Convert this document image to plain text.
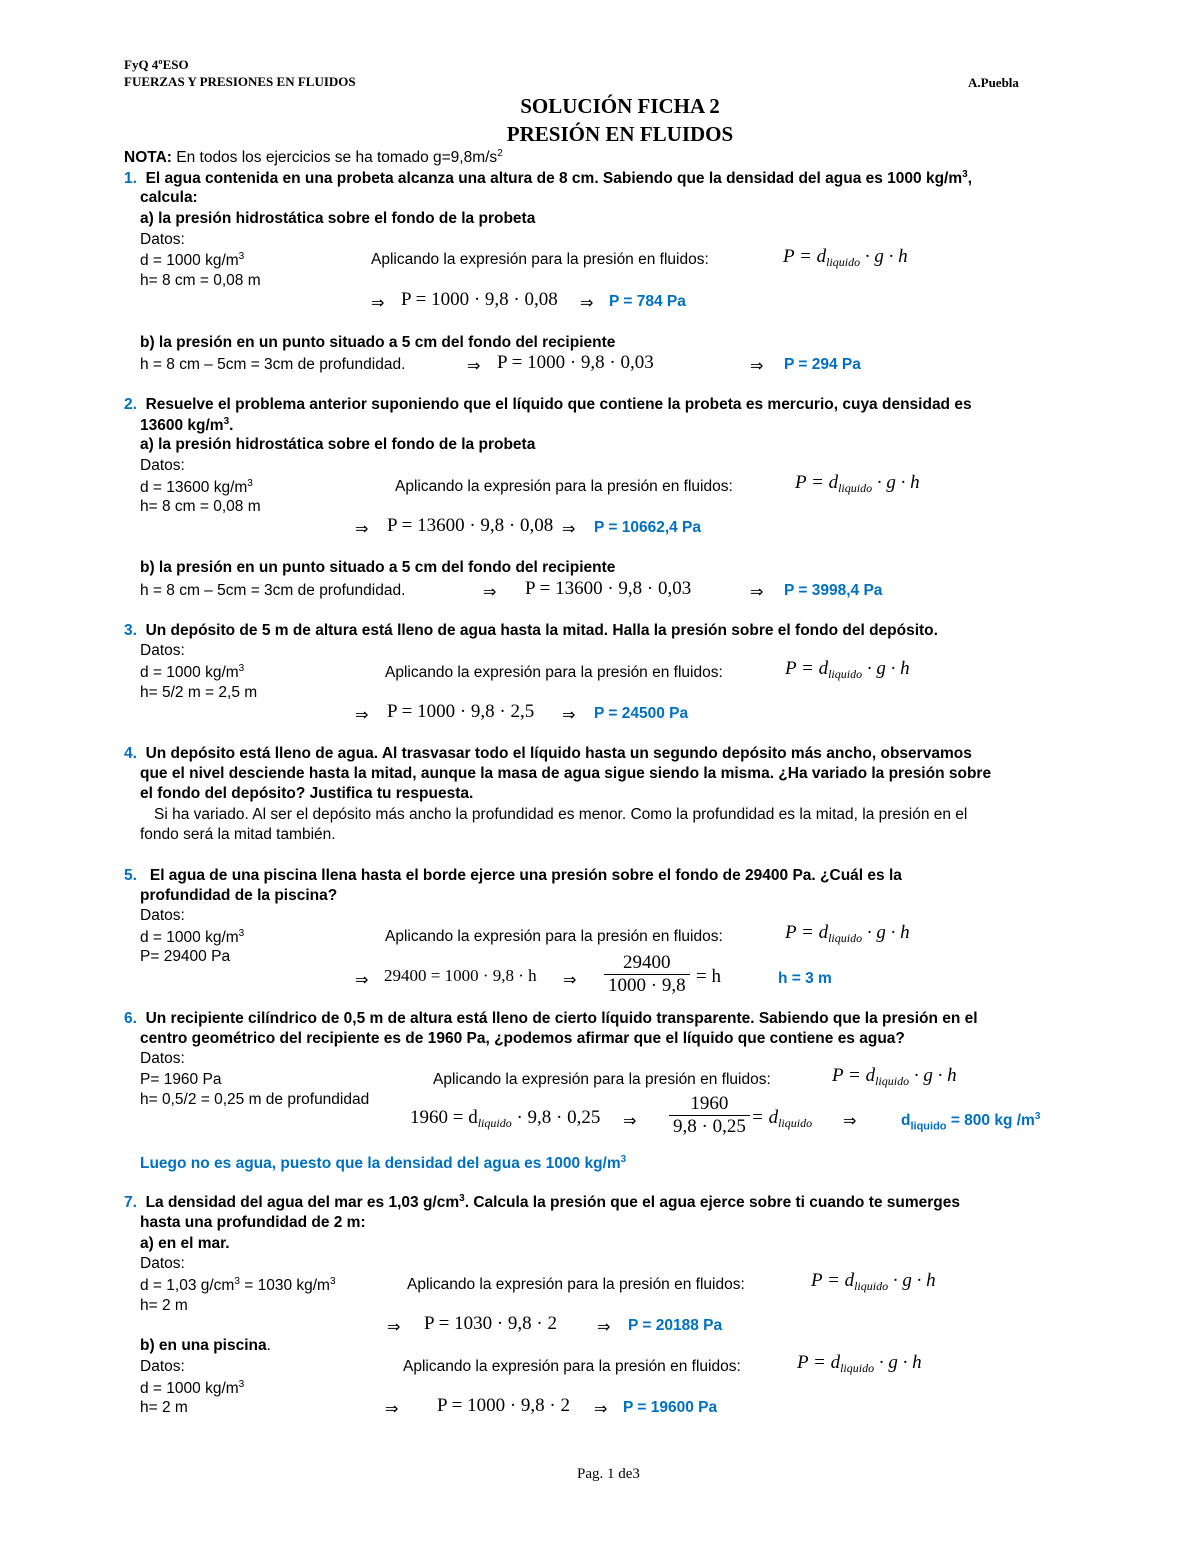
FyQ 4ºESO
FUERZAS Y PRESIONES EN FLUIDOS	A.Puebla
SOLUCIÓN FICHA 2
PRESIÓN EN FLUIDOS
NOTA: En todos los ejercicios se ha tomado $g=9,8m/s^2$
1. El agua contenida en una probeta alcanza una altura de 8 cm. Sabiendo que la densidad del agua es 1000 $kg/m^3$,
calcula:
a) la presión hidrostática sobre el fondo de la probeta
Datos:
d = 1000 $kg/m^3$
h= 8 cm = 0,08 m
Aplicando la expresión para la presión en fluidos:	$P = d_{liquido} \cdot g \cdot h$
⇒ P = 1000 · 9,8 · 0,08 ⇒ P = 784 Pa
b) la presión en un punto situado a 5 cm del fondo del recipiente
h = 8 cm – 5cm = 3cm de profundidad.	⇒ P = 1000 · 9,8 · 0,03	⇒ P = 294 Pa
2. Resuelve el problema anterior suponiendo que el líquido que contiene la probeta es mercurio, cuya densidad es
13600 $kg/m^3$.
a) la presión hidrostática sobre el fondo de la probeta
Datos:
d = 13600 $kg/m^3$
h= 8 cm = 0,08 m
Aplicando la expresión para la presión en fluidos:	$P = d_{liquido} \cdot g \cdot h$
⇒ P = 13600 · 9,8 · 0,08 ⇒ P = 10662,4 Pa
b) la presión en un punto situado a 5 cm del fondo del recipiente
h = 8 cm – 5cm = 3cm de profundidad.	⇒ P = 13600 · 9,8 · 0,03	⇒ P = 3998,4 Pa
3. Un depósito de 5 m de altura está lleno de agua hasta la mitad. Halla la presión sobre el fondo del depósito.
Datos:
d = 1000 $kg/m^3$
h= 5/2 m = 2,5 m
Aplicando la expresión para la presión en fluidos:	$P = d_{liquido} \cdot g \cdot h$
⇒ P = 1000 · 9,8 · 2,5 ⇒ P = 24500 Pa
4. Un depósito está lleno de agua. Al trasvasar todo el líquido hasta un segundo depósito más ancho, observamos
que el nivel desciende hasta la mitad, aunque la masa de agua sigue siendo la misma. ¿Ha variado la presión sobre
el fondo del depósito? Justifica tu respuesta.
Si ha variado. Al ser el depósito más ancho la profundidad es menor. Como la profundidad es la mitad, la presión en el
fondo será la mitad también.
5. El agua de una piscina llena hasta el borde ejerce una presión sobre el fondo de 29400 Pa. ¿Cuál es la
profundidad de la piscina?
Datos:
d = 1000 $kg/m^3$
P= 29400 Pa
Aplicando la expresión para la presión en fluidos:	$P = d_{liquido} \cdot g \cdot h$
⇒ 29400 = 1000 · 9,8 · h ⇒ $\frac{29400}{1000 \cdot 9,8} = h$	h = 3 m
6. Un recipiente cilíndrico de 0,5 m de altura está lleno de cierto líquido transparente. Sabiendo que la presión en el
centro geométrico del recipiente es de 1960 Pa, ¿podemos afirmar que el líquido que contiene es agua?
Datos:
P= 1960 Pa
h= 0,5/2 = 0,25 m de profundidad
Aplicando la expresión para la presión en fluidos:	$P = d_{liquido} \cdot g \cdot h$
$1960 = d_{liquido} \cdot 9,8 \cdot 0,25$ ⇒ $\frac{1960}{9,8 \cdot 0,25} = d_{liquido}$ ⇒	$d_{liquido} = 800$ kg $/m^3$
Luego no es agua, puesto que la densidad del agua es 1000 $kg/m^3$
7. La densidad del agua del mar es 1,03 $g/cm^3$. Calcula la presión que el agua ejerce sobre ti cuando te sumerges
hasta una profundidad de 2 m:
a) en el mar.
Datos:
d = 1,03 $g/cm^3 = 1030$ $kg/m^3$
h= 2 m
Aplicando la expresión para la presión en fluidos:	$P = d_{liquido} \cdot g \cdot h$
⇒ P = 1030 · 9,8 · 2	⇒ P = 20188 Pa
b) en una piscina.
Datos:
d = 1000 $kg/m^3$
h= 2 m
Aplicando la expresión para la presión en fluidos:	$P = d_{liquido} \cdot g \cdot h$
⇒ P = 1000 · 9,8 · 2 ⇒ P = 19600 Pa
Pag. 1 de3
